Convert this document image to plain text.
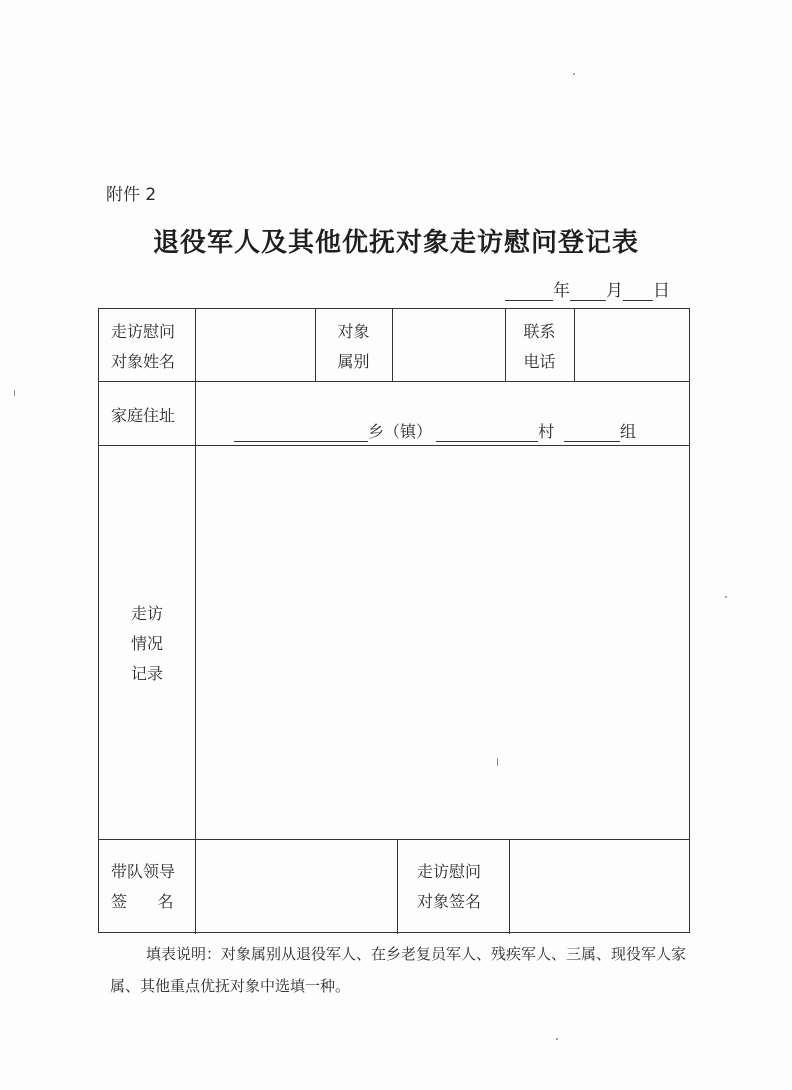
附件 2
退役军人及其他优抚对象走访慰问登记表
年 月 日
走访慰问
对象姓名
对象
属别
联系
电话
家庭住址
乡（镇）	村	组
走访
情况
记录
带队领导
签      名
走访慰问
对象签名
填表说明：对象属别从退役军人、在乡老复员军人、残疾军人、三属、现役军人家属、其他重点优抚对象中选填一种。
